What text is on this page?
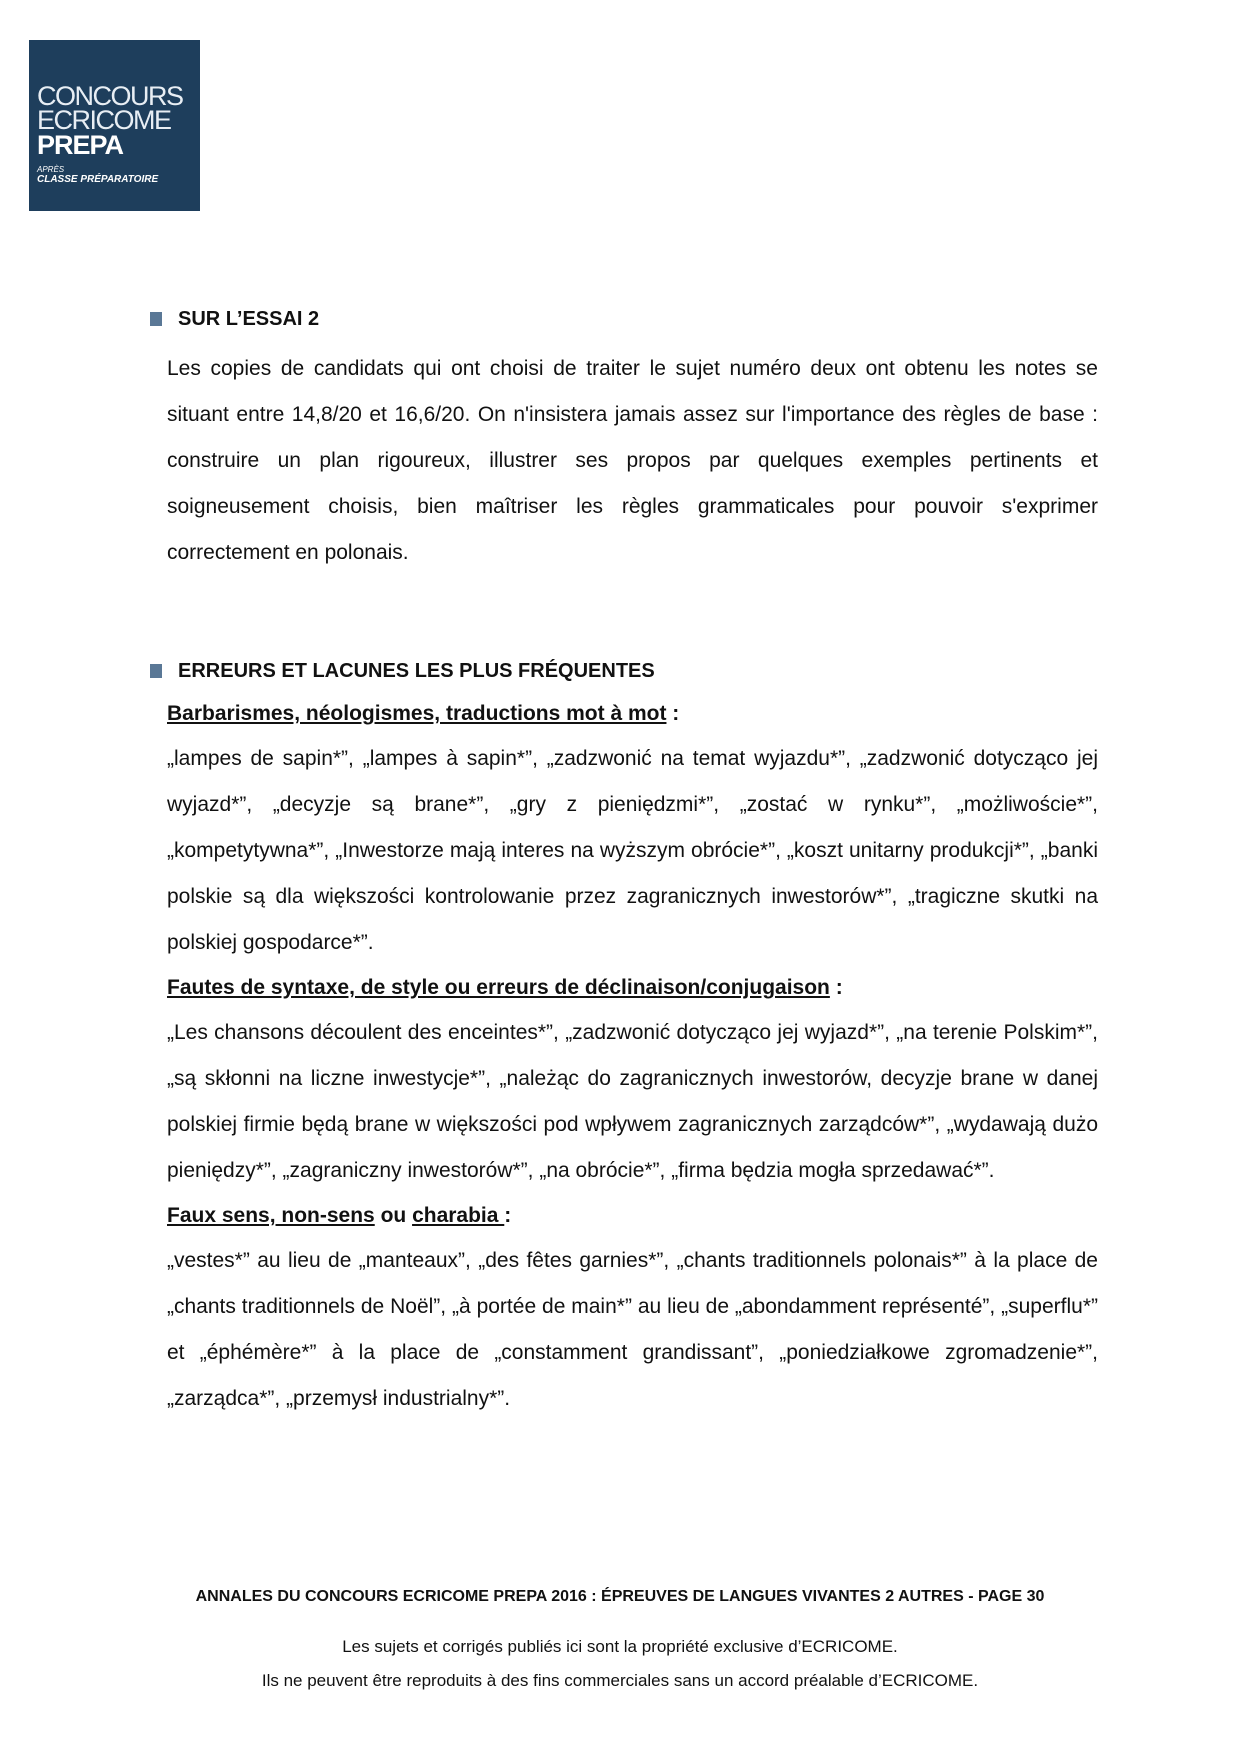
CONCOURS
ECRICOME
PREPA
APRÈS
CLASSE PRÉPARATOIRE
SUR L’ESSAI 2

Les copies de candidats qui ont choisi de traiter le sujet numéro deux ont obtenu les notes se situant entre 14,8/20 et 16,6/20. On n'insistera jamais assez sur l'importance des règles de base : construire un plan rigoureux, illustrer ses propos par quelques exemples pertinents et soigneusement choisis, bien maîtriser les règles grammaticales pour pouvoir s'exprimer correctement en polonais.

ERREURS ET LACUNES LES PLUS FRÉQUENTES

Barbarismes, néologismes, traductions mot à mot :

„lampes de sapin*”, „lampes à sapin*”, „zadzwonić na temat wyjazdu*”, „zadzwonić dotycząco jej wyjazd*”, „decyzje są brane*”, „gry z pieniędzmi*”, „zostać w rynku*”, „możliwoście*”, „kompetytywna*”, „Inwestorze mają interes na wyższym obrócie*”, „koszt unitarny produkcji*”, „banki polskie są dla większości kontrolowanie przez zagranicznych inwestorów*”, „tragiczne skutki na polskiej gospodarce*”.

Fautes de syntaxe, de style ou erreurs de déclinaison/conjugaison :

„Les chansons découlent des enceintes*”, „zadzwonić dotycząco jej wyjazd*”, „na terenie Polskim*”, „są skłonni na liczne inwestycje*”, „należąc do zagranicznych inwestorów, decyzje brane w danej polskiej firmie będą brane w większości pod wpływem zagranicznych zarządców*”, „wydawają dużo pieniędzy*”, „zagraniczny inwestorów*”, „na obrócie*”, „firma będzia mogła sprzedawać*”.

Faux sens, non-sens ou charabia :

„vestes*” au lieu de „manteaux”, „des fêtes garnies*”, „chants traditionnels polonais*” à la place de „chants traditionnels de Noël”, „à portée de main*” au lieu de „abondamment représenté”, „superflu*” et „éphémère*” à la place de „constamment grandissant”, „poniedziałkowe zgromadzenie*”, „zarządca*”, „przemysł industrialny*”.

ANNALES DU CONCOURS ECRICOME PREPA 2016 : ÉPREUVES DE LANGUES VIVANTES 2 AUTRES - PAGE 30
Les sujets et corrigés publiés ici sont la propriété exclusive d’ECRICOME.
Ils ne peuvent être reproduits à des fins commerciales sans un accord préalable d’ECRICOME.
